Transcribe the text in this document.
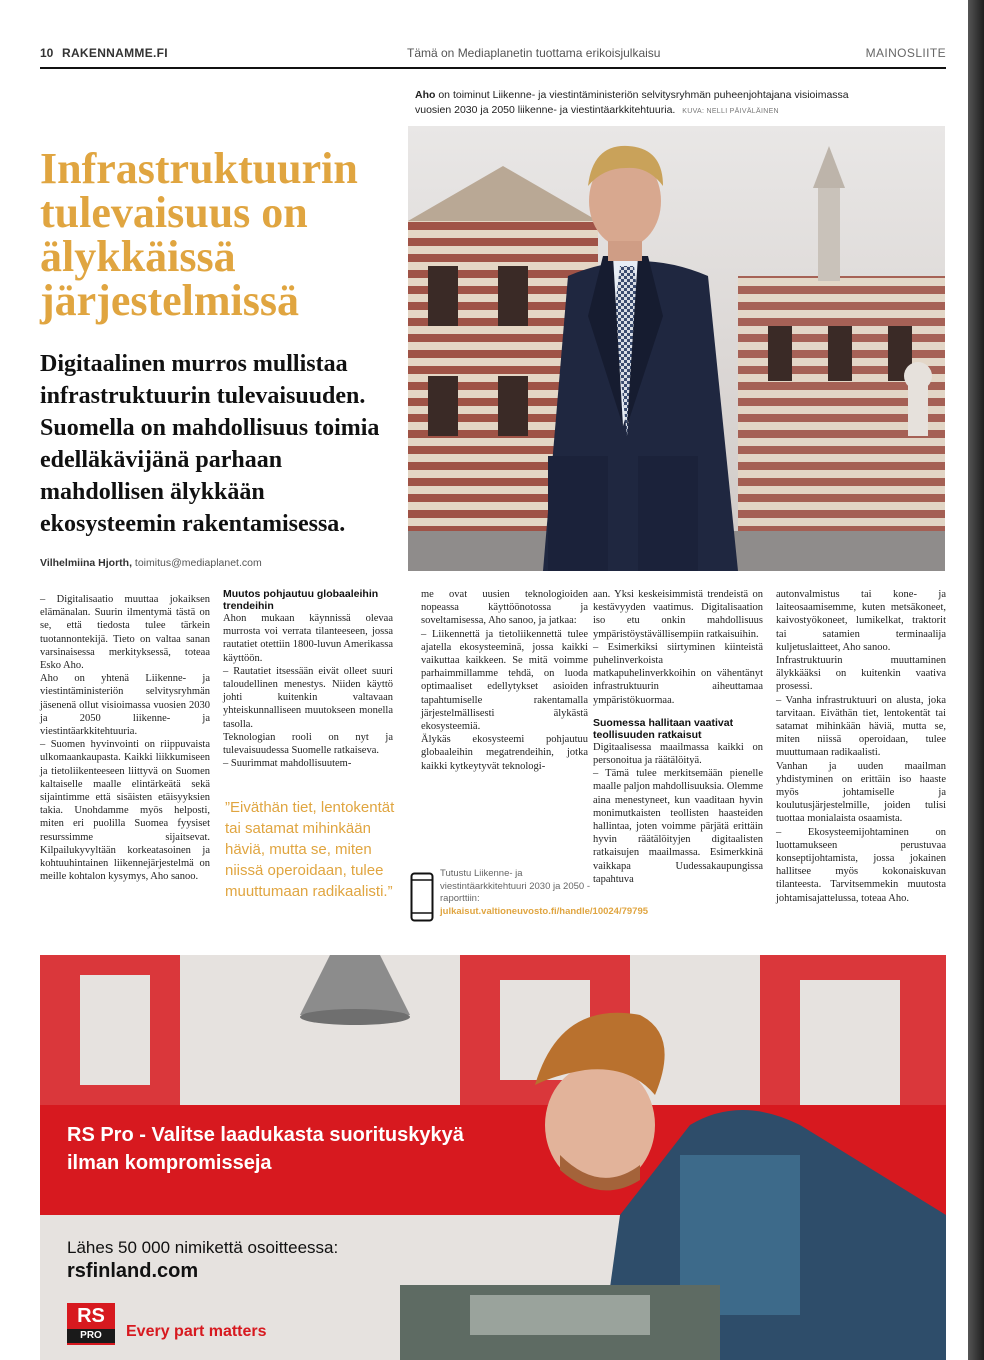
10 RAKENNAMME.FI	Tämä on Mediaplanetin tuottama erikoisjulkaisu	MAINOSLIITE
Aho on toiminut Liikenne- ja viestintäministeriön selvitysryhmän puheenjohtajana visioimassa vuosien 2030 ja 2050 liikenne- ja viestintäarkkitehtuuria. KUVA: NELLI PÄIVÄLÄINEN
Infrastruktuurin tulevaisuus on älykkäissä järjestelmissä
Digitaalinen murros mullistaa infrastruktuurin tulevaisuuden. Suomella on mahdollisuus toimia edelläkävijänä parhaan mahdollisen älykkään ekosysteemin rakentamisessa.
Vilhelmiina Hjorth, toimitus@mediaplanet.com

– Digitalisaatio muuttaa jokaiksen elämänalan. Suurin ilmentymä tästä on se, että tiedosta tulee tärkein tuotannontekijä. Tieto on valtaa sanan varsinaisessa merkityksessä, toteaa Esko Aho.

Aho on yhtenä Liikenne- ja viestintäministeriön selvitysryhmän jäsenenä ollut visioimassa vuosien 2030 ja 2050 liikenne- ja viestintäarkkitehtuuria.

– Suomen hyvinvointi on riippuvaista ulkomaankaupasta. Kaikki liikkumiseen ja tietoliikenteeseen liittyvä on Suomen kaltaiselle maalle elintärkeätä sekä sijaintimme että sisäisten etäisyyksien takia. Unohdamme myös helposti, miten eri puolilla Suomea fyysiset resurssimme sijaitsevat. Kilpailukyvyltään korkeatasoinen ja kohtuuhintainen liikennejärjestelmä on meille kohtalon kysymys, Aho sanoo.

Muutos pohjautuu globaaleihin trendeihin

Ahon mukaan käynnissä olevaa murrosta voi verrata tilanteeseen, jossa rautatiet otettiin 1800-luvun Amerikassa käyttöön.

– Rautatiet itsessään eivät olleet suuri taloudellinen menestys. Niiden käyttö johti kuitenkin valtavaan yhteiskunnalliseen muutokseen monella tasolla.

Teknologian rooli on nyt ja tulevaisuudessa Suomelle ratkaiseva.

– Suurimmat mahdollisuutem-

”Eiväthän tiet, lentokentät tai satamat mihinkään häviä, mutta se, miten niissä operoidaan, tulee muuttumaan radikaalisti.”

me ovat uusien teknologioiden nopeassa käyttöönotossa ja soveltamisessa, Aho sanoo, ja jatkaa:

– Liikennettä ja tietoliikennettä tulee ajatella ekosysteeminä, jossa kaikki vaikuttaa kaikkeen. Se mitä voimme parhaimmillamme tehdä, on luoda optimaaliset edellytykset asioiden tapahtumiselle rakentamalla järjestelmällisesti älykästä ekosysteemiä.

Älykäs ekosysteemi pohjautuu globaaleihin megatrendeihin, jotka kaikki kytkeytyvät teknologi-

Tutustu Liikenne- ja viestintäarkkitehtuuri 2030 ja 2050 -raporttiin: julkaisut.valtioneuvosto.fi/handle/10024/79795

aan. Yksi keskeisimmistä trendeistä on kestävyyden vaatimus. Digitalisaation iso etu onkin mahdollisuus ympäristöystävällisempiin ratkaisuihin.

– Esimerkiksi siirtyminen kiinteistä puhelinverkoista matkapuhelinverkkoihin on vähentänyt infrastruktuurin aiheuttamaa ympäristökuormaa.

Suomessa hallitaan vaativat teollisuuden ratkaisut

Digitaalisessa maailmassa kaikki on personoitua ja räätälöityä.

– Tämä tulee merkitsemään pienelle maalle paljon mahdollisuuksia. Olemme aina menestyneet, kun vaaditaan hyvin monimutkaisten teollisten haasteiden hallintaa, joten voimme pärjätä erittäin hyvin räätälöityjen digitaalisten ratkaisujen maailmassa. Esimerkkinä vaikkapa Uudessakaupungissa tapahtuva

autonvalmistus tai kone- ja laiteosaamisemme, kuten metsäkoneet, kaivostyökoneet, lumikelkat, traktorit tai satamien terminaalija kuljetuslaitteet, Aho sanoo.

Infrastruktuurin muuttaminen älykkääksi on kuitenkin vaativa prosessi.

– Vanha infrastruktuuri on alusta, joka tarvitaan. Eiväthän tiet, lentokentät tai satamat mihinkään häviä, mutta se, miten niissä operoidaan, tulee muuttumaan radikaalisti.

Vanhan ja uuden maailman yhdistyminen on erittäin iso haaste myös johtamiselle ja koulutusjärjestelmille, joiden tulisi tuottaa monialaista osaamista.

– Ekosysteemijohtaminen on luottamukseen perustuvaa konseptijohtamista, jossa jokainen hallitsee myös kokonaiskuvan tilanteesta. Tarvitsemmekin muutosta johtamisajattelussa, toteaa Aho.

RS Pro - Valitse laadukasta suorituskykyä ilman kompromisseja
Lähes 50 000 nimikettä osoitteessa:
rsfinland.com
RS
PRO	Every part matters
